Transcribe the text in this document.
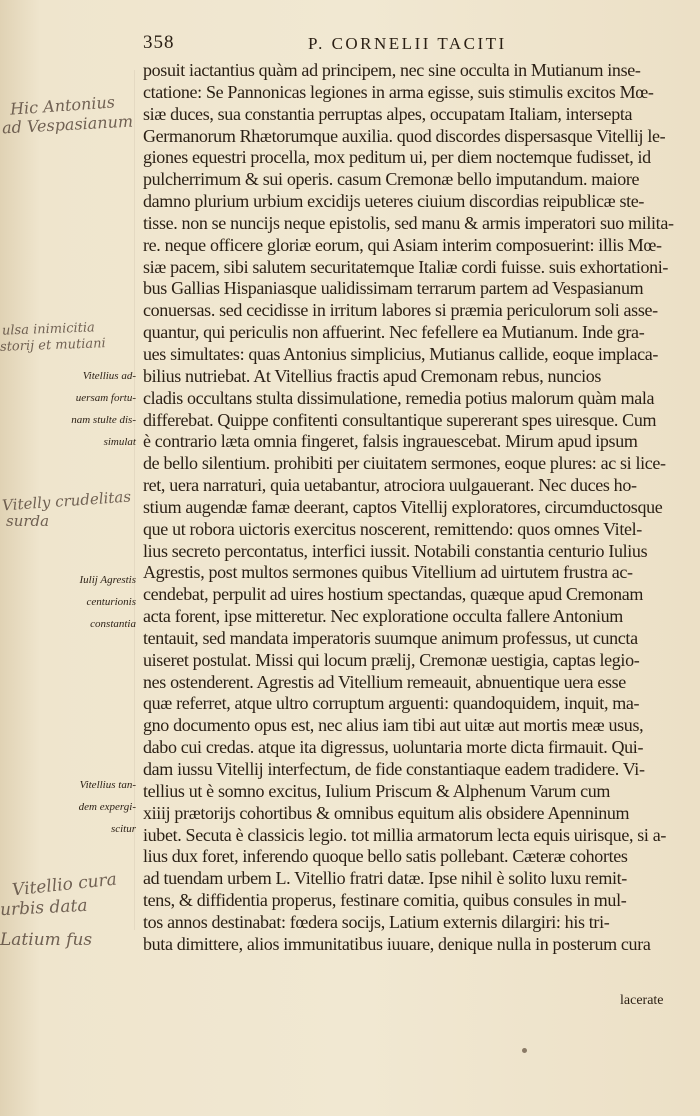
358	P. CORNELII TACITI
Hic Antonius
ad Vespasianum
ulsa inimicitia
storij et mutiani
Vitelly crudelitas
surda
Vitellio cura
urbis data
Latium fus
Vitellius ad-
uersam fortu-
nam stulte dis-
simulat
Iulij Agrestis
centurionis
constantia
Vitellius tan-
dem expergi-
scitur
posuit iactantius quàm ad principem, nec sine occulta in Mutianum inse-
ctatione: Se Pannonicas legiones in arma egisse, suis stimulis excitos Mœ-
siæ duces, sua constantia perruptas alpes, occupatam Italiam, intersepta
Germanorum Rhætorumque auxilia. quod discordes dispersasque Vitellij le-
giones equestri procella, mox peditum ui, per diem noctemque fudisset, id
pulcherrimum & sui operis. casum Cremonæ bello imputandum. maiore
damno plurium urbium excidijs ueteres ciuium discordias reipublicæ ste-
tisse. non se nuncijs neque epistolis, sed manu & armis imperatori suo milita-
re. neque officere gloriæ eorum, qui Asiam interim composuerint: illis Mœ-
siæ pacem, sibi salutem securitatemque Italiæ cordi fuisse. suis exhortationi-
bus Gallias Hispaniasque ualidissimam terrarum partem ad Vespasianum
conuersas. sed cecidisse in irritum labores si præmia periculorum soli asse-
quantur, qui periculis non affuerint. Nec fefellere ea Mutianum. Inde gra-
ues simultates: quas Antonius simplicius, Mutianus callide, eoque implaca-
bilius nutriebat. At Vitellius fractis apud Cremonam rebus, nuncios
cladis occultans stulta dissimulatione, remedia potius malorum quàm mala
differebat. Quippe confitenti consultantique supererant spes uiresque. Cum
è contrario læta omnia fingeret, falsis ingrauescebat. Mirum apud ipsum
de bello silentium. prohibiti per ciuitatem sermones, eoque plures: ac si lice-
ret, uera narraturi, quia uetabantur, atrociora uulgauerant. Nec duces ho-
stium augendæ famæ deerant, captos Vitellij exploratores, circumductosque
que ut robora uictoris exercitus noscerent, remittendo: quos omnes Vitel-
lius secreto percontatus, interfici iussit. Notabili constantia centurio Iulius
Agrestis, post multos sermones quibus Vitellium ad uirtutem frustra ac-
cendebat, perpulit ad uires hostium spectandas, quæque apud Cremonam
acta forent, ipse mitteretur. Nec exploratione occulta fallere Antonium
tentauit, sed mandata imperatoris suumque animum professus, ut cuncta
uiseret postulat. Missi qui locum prælij, Cremonæ uestigia, captas legio-
nes ostenderent. Agrestis ad Vitellium remeauit, abnuentique uera esse
quæ referret, atque ultro corruptum arguenti: quandoquidem, inquit, ma-
gno documento opus est, nec alius iam tibi aut uitæ aut mortis meæ usus,
dabo cui credas. atque ita digressus, uoluntaria morte dicta firmauit. Qui-
dam iussu Vitellij interfectum, de fide constantiaque eadem tradidere. Vi-
tellius ut è somno excitus, Iulium Priscum & Alphenum Varum cum
xiiij prætorijs cohortibus & omnibus equitum alis obsidere Apenninum
iubet. Secuta è classicis legio. tot millia armatorum lecta equis uirisque, si a-
lius dux foret, inferendo quoque bello satis pollebant. Cæteræ cohortes
ad tuendam urbem L. Vitellio fratri datæ. Ipse nihil è solito luxu remit-
tens, & diffidentia properus, festinare comitia, quibus consules in mul-
tos annos destinabat: fœdera socijs, Latium externis dilargiri: his tri-
buta dimittere, alios immunitatibus iuuare, denique nulla in posterum cura
lacerate
